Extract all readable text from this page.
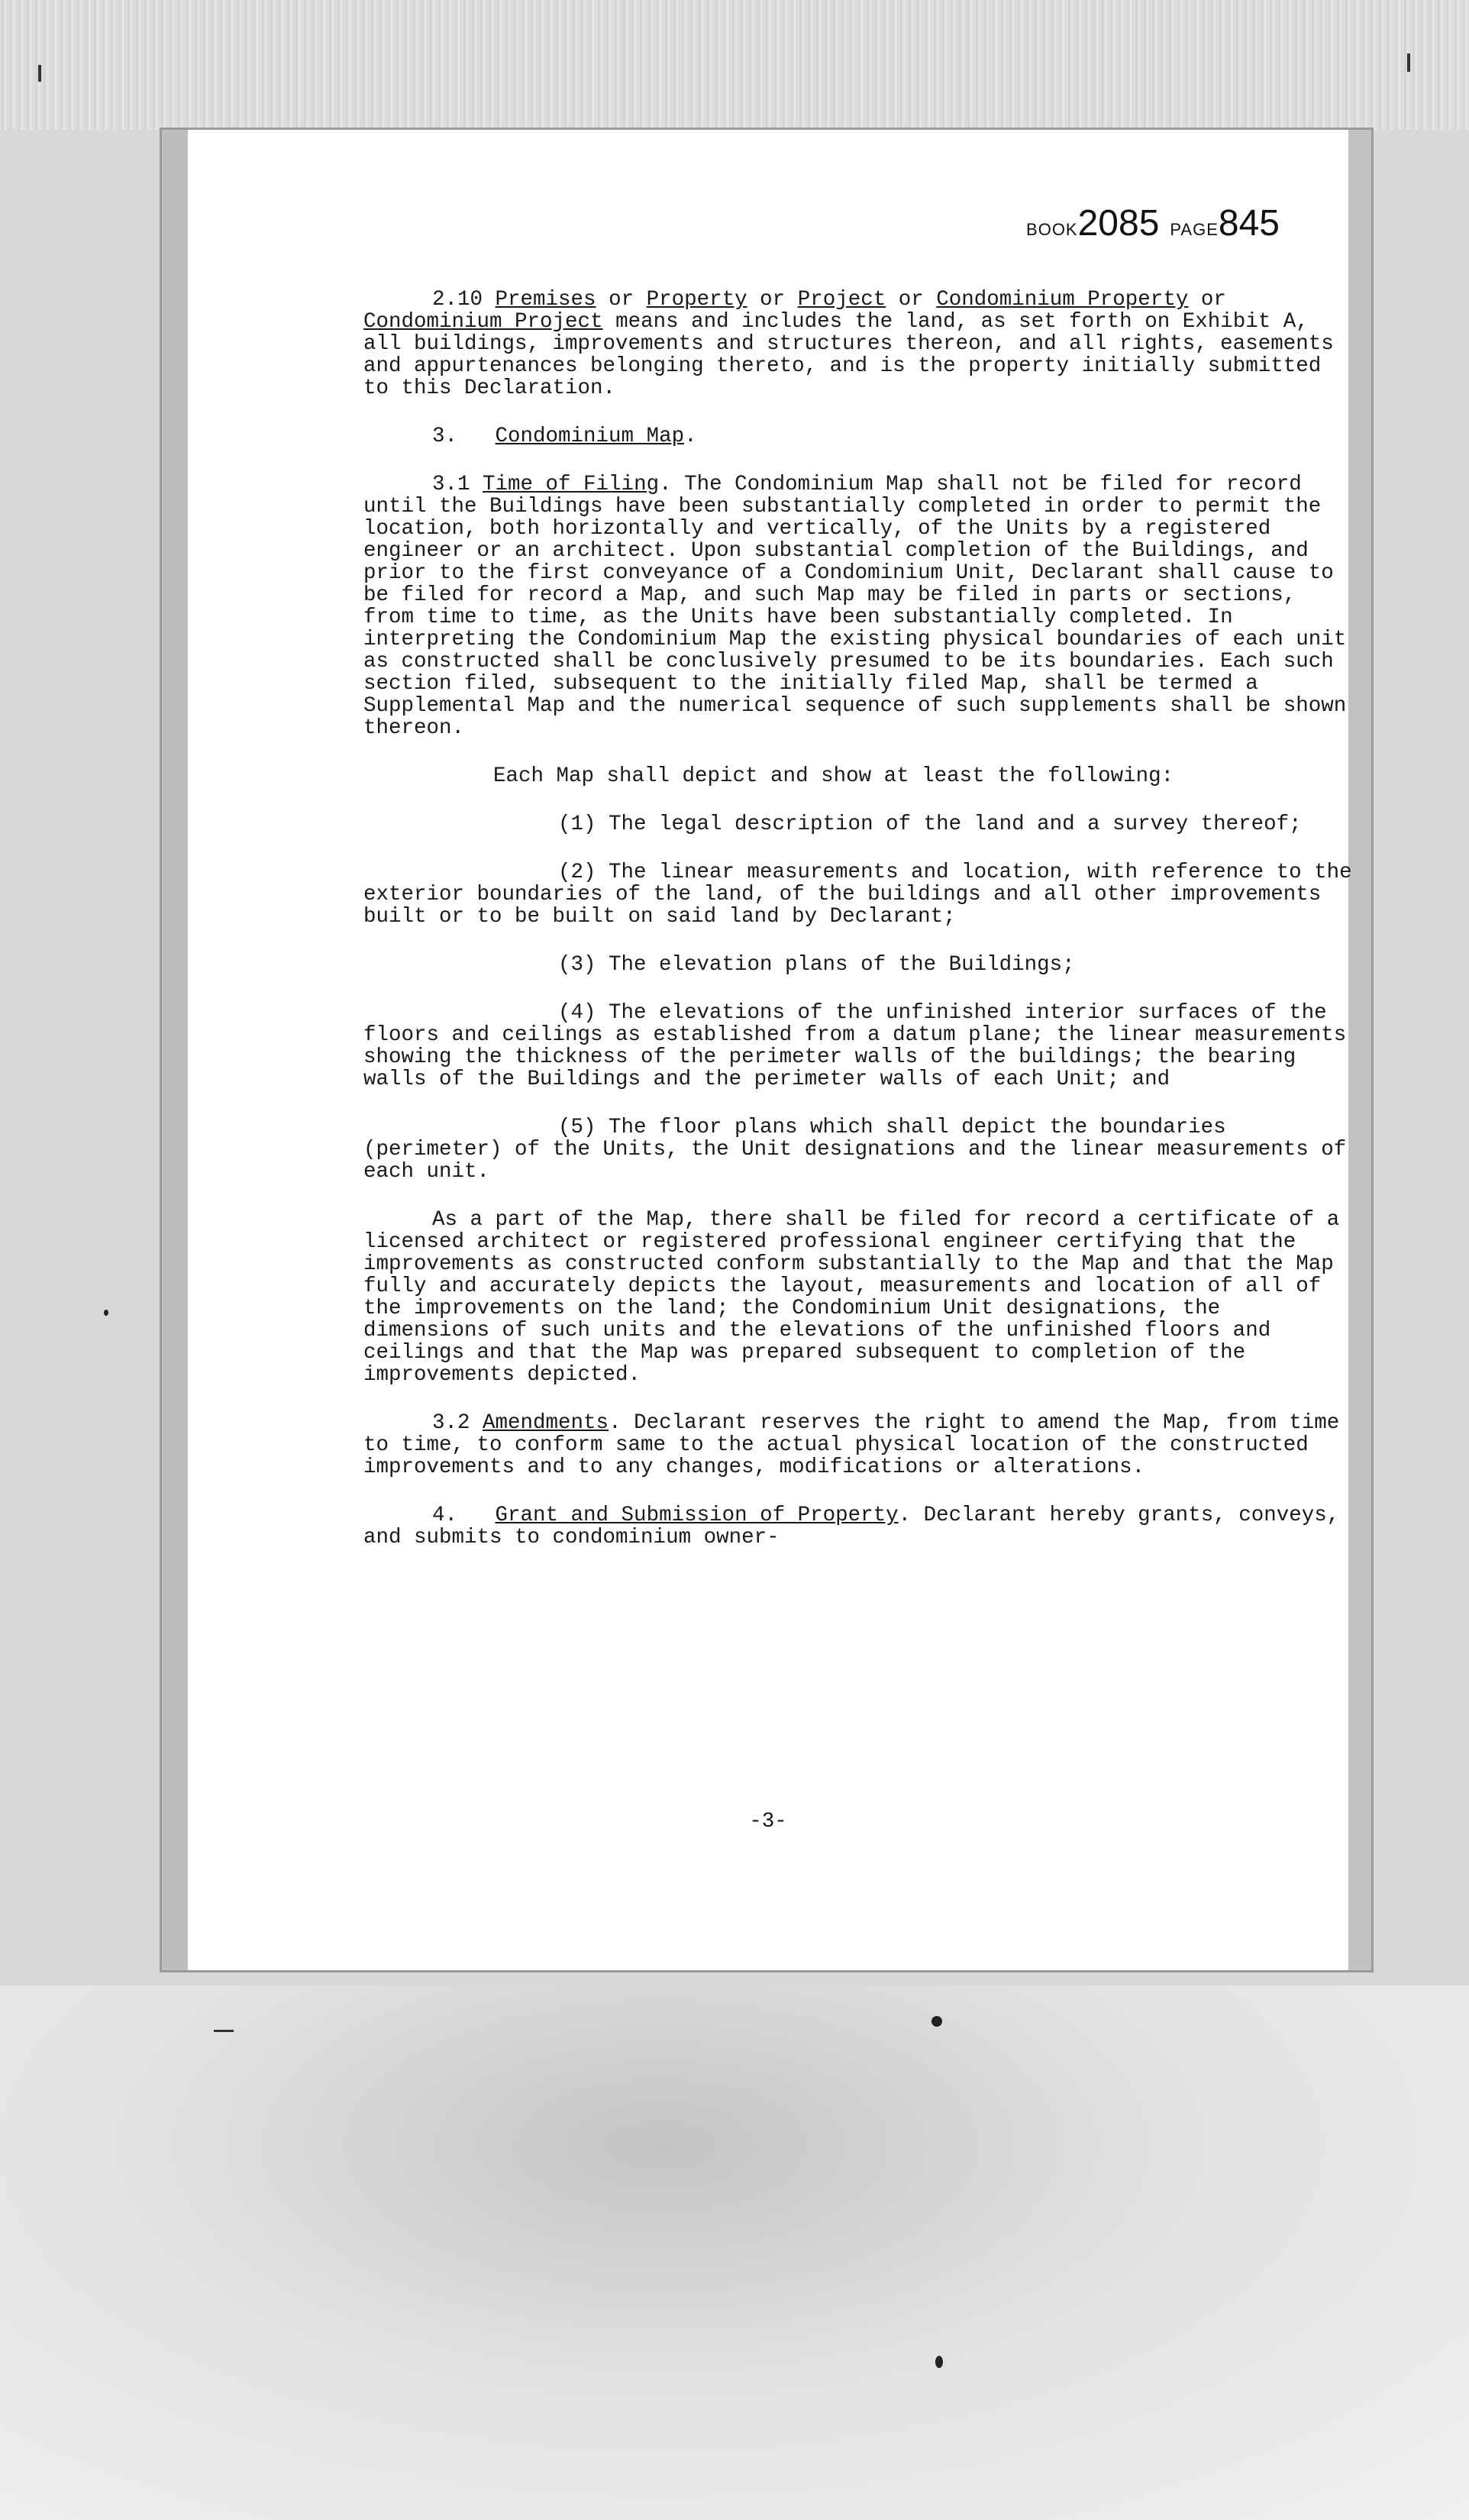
BOOK2085 PAGE845

2.10 Premises or Property or Project or Condominium Property or Condominium Project means and includes the land, as set forth on Exhibit A, all buildings, improvements and structures thereon, and all rights, easements and appurtenances belonging thereto, and is the property initially submitted to this Declaration.

3. Condominium Map.

3.1 Time of Filing. The Condominium Map shall not be filed for record until the Buildings have been substantially completed in order to permit the location, both horizontally and vertically, of the Units by a registered engineer or an architect. Upon substantial completion of the Buildings, and prior to the first conveyance of a Condominium Unit, Declarant shall cause to be filed for record a Map, and such Map may be filed in parts or sections, from time to time, as the Units have been substantially completed. In interpreting the Condominium Map the existing physical boundaries of each unit as constructed shall be conclusively presumed to be its boundaries. Each such section filed, subsequent to the initially filed Map, shall be termed a Supplemental Map and the numerical sequence of such supplements shall be shown thereon.

Each Map shall depict and show at least the following:

(1) The legal description of the land and a survey thereof;

(2) The linear measurements and location, with reference to the exterior boundaries of the land, of the buildings and all other improvements built or to be built on said land by Declarant;

(3) The elevation plans of the Buildings;

(4) The elevations of the unfinished interior surfaces of the floors and ceilings as established from a datum plane; the linear measurements showing the thickness of the perimeter walls of the buildings; the bearing walls of the Buildings and the perimeter walls of each Unit; and

(5) The floor plans which shall depict the boundaries (perimeter) of the Units, the Unit designations and the linear measurements of each unit.

As a part of the Map, there shall be filed for record a certificate of a licensed architect or registered professional engineer certifying that the improvements as constructed conform substantially to the Map and that the Map fully and accurately depicts the layout, measurements and location of all of the improvements on the land; the Condominium Unit designations, the dimensions of such units and the elevations of the unfinished floors and ceilings and that the Map was prepared subsequent to completion of the improvements depicted.

3.2 Amendments. Declarant reserves the right to amend the Map, from time to time, to conform same to the actual physical location of the constructed improvements and to any changes, modifications or alterations.

4. Grant and Submission of Property. Declarant hereby grants, conveys, and submits to condominium owner-

-3-
